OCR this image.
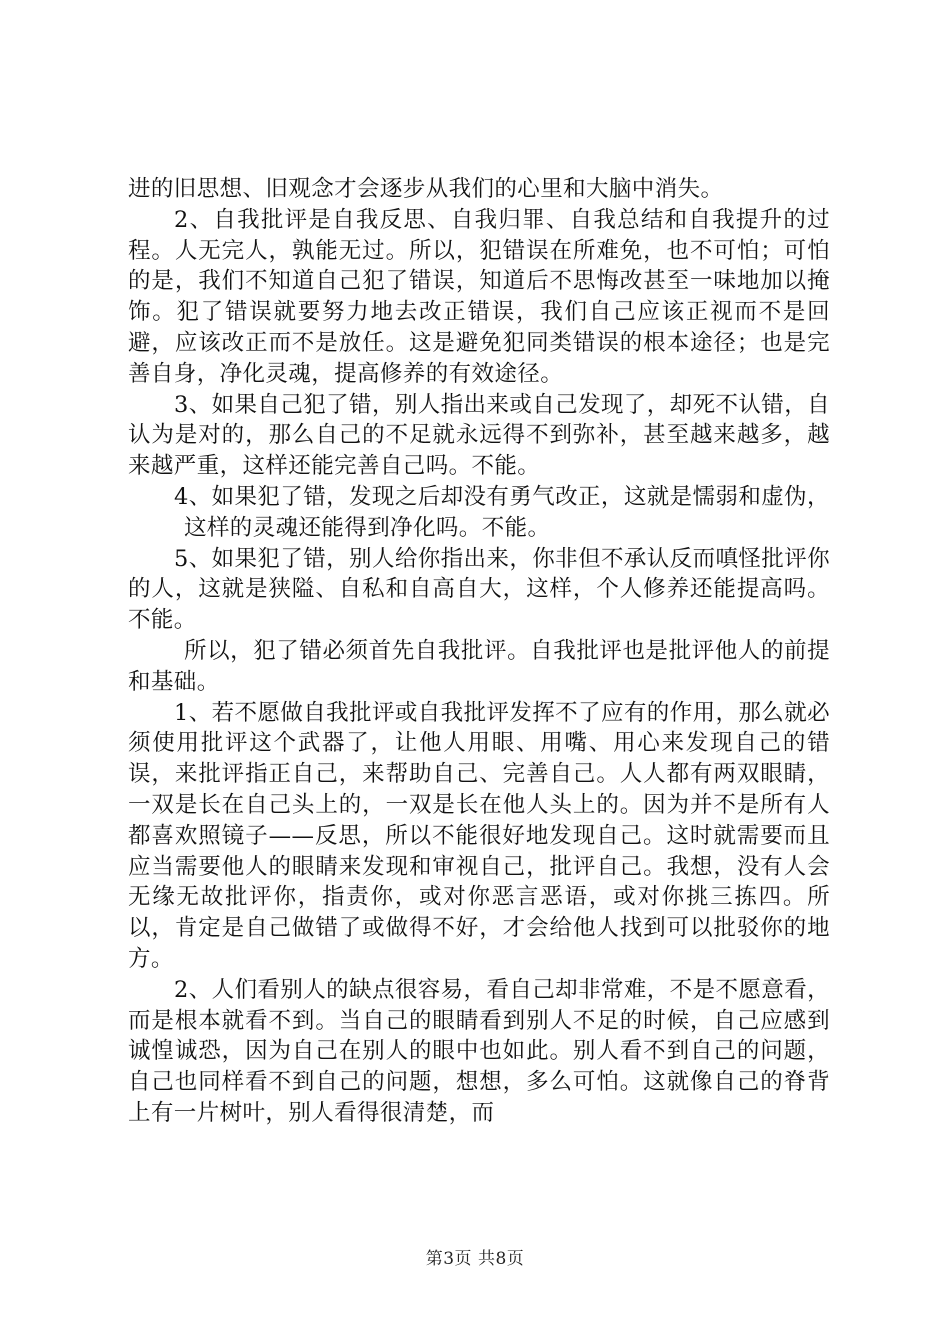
进的旧思想、旧观念才会逐步从我们的心里和大脑中消失。

2、自我批评是自我反思、自我归罪、自我总结和自我提升的过程。人无完人，孰能无过。所以，犯错误在所难免，也不可怕；可怕的是，我们不知道自己犯了错误，知道后不思悔改甚至一味地加以掩饰。犯了错误就要努力地去改正错误，我们自己应该正视而不是回避，应该改正而不是放任。这是避免犯同类错误的根本途径；也是完善自身，净化灵魂，提高修养的有效途径。

3、如果自己犯了错，别人指出来或自己发现了，却死不认错，自认为是对的，那么自己的不足就永远得不到弥补，甚至越来越多，越来越严重，这样还能完善自己吗。不能。

4、如果犯了错，发现之后却没有勇气改正，这就是懦弱和虚伪，

这样的灵魂还能得到净化吗。不能。

5、如果犯了错，别人给你指出来，你非但不承认反而嗔怪批评你的人，这就是狭隘、自私和自高自大，这样，个人修养还能提高吗。不能。

所以，犯了错必须首先自我批评。自我批评也是批评他人的前提和基础。

1、若不愿做自我批评或自我批评发挥不了应有的作用，那么就必须使用批评这个武器了，让他人用眼、用嘴、用心来发现自己的错误，来批评指正自己，来帮助自己、完善自己。人人都有两双眼睛，一双是长在自己头上的，一双是长在他人头上的。因为并不是所有人都喜欢照镜子——反思，所以不能很好地发现自己。这时就需要而且应当需要他人的眼睛来发现和审视自己，批评自己。我想，没有人会无缘无故批评你，指责你，或对你恶言恶语，或对你挑三拣四。所以，肯定是自己做错了或做得不好，才会给他人找到可以批驳你的地方。

2、人们看别人的缺点很容易，看自己却非常难，不是不愿意看，而是根本就看不到。当自己的眼睛看到别人不足的时候，自己应感到诚惶诚恐，因为自己在别人的眼中也如此。别人看不到自己的问题，自己也同样看不到自己的问题，想想，多么可怕。这就像自己的脊背上有一片树叶，别人看得很清楚，而

第3页 共8页
